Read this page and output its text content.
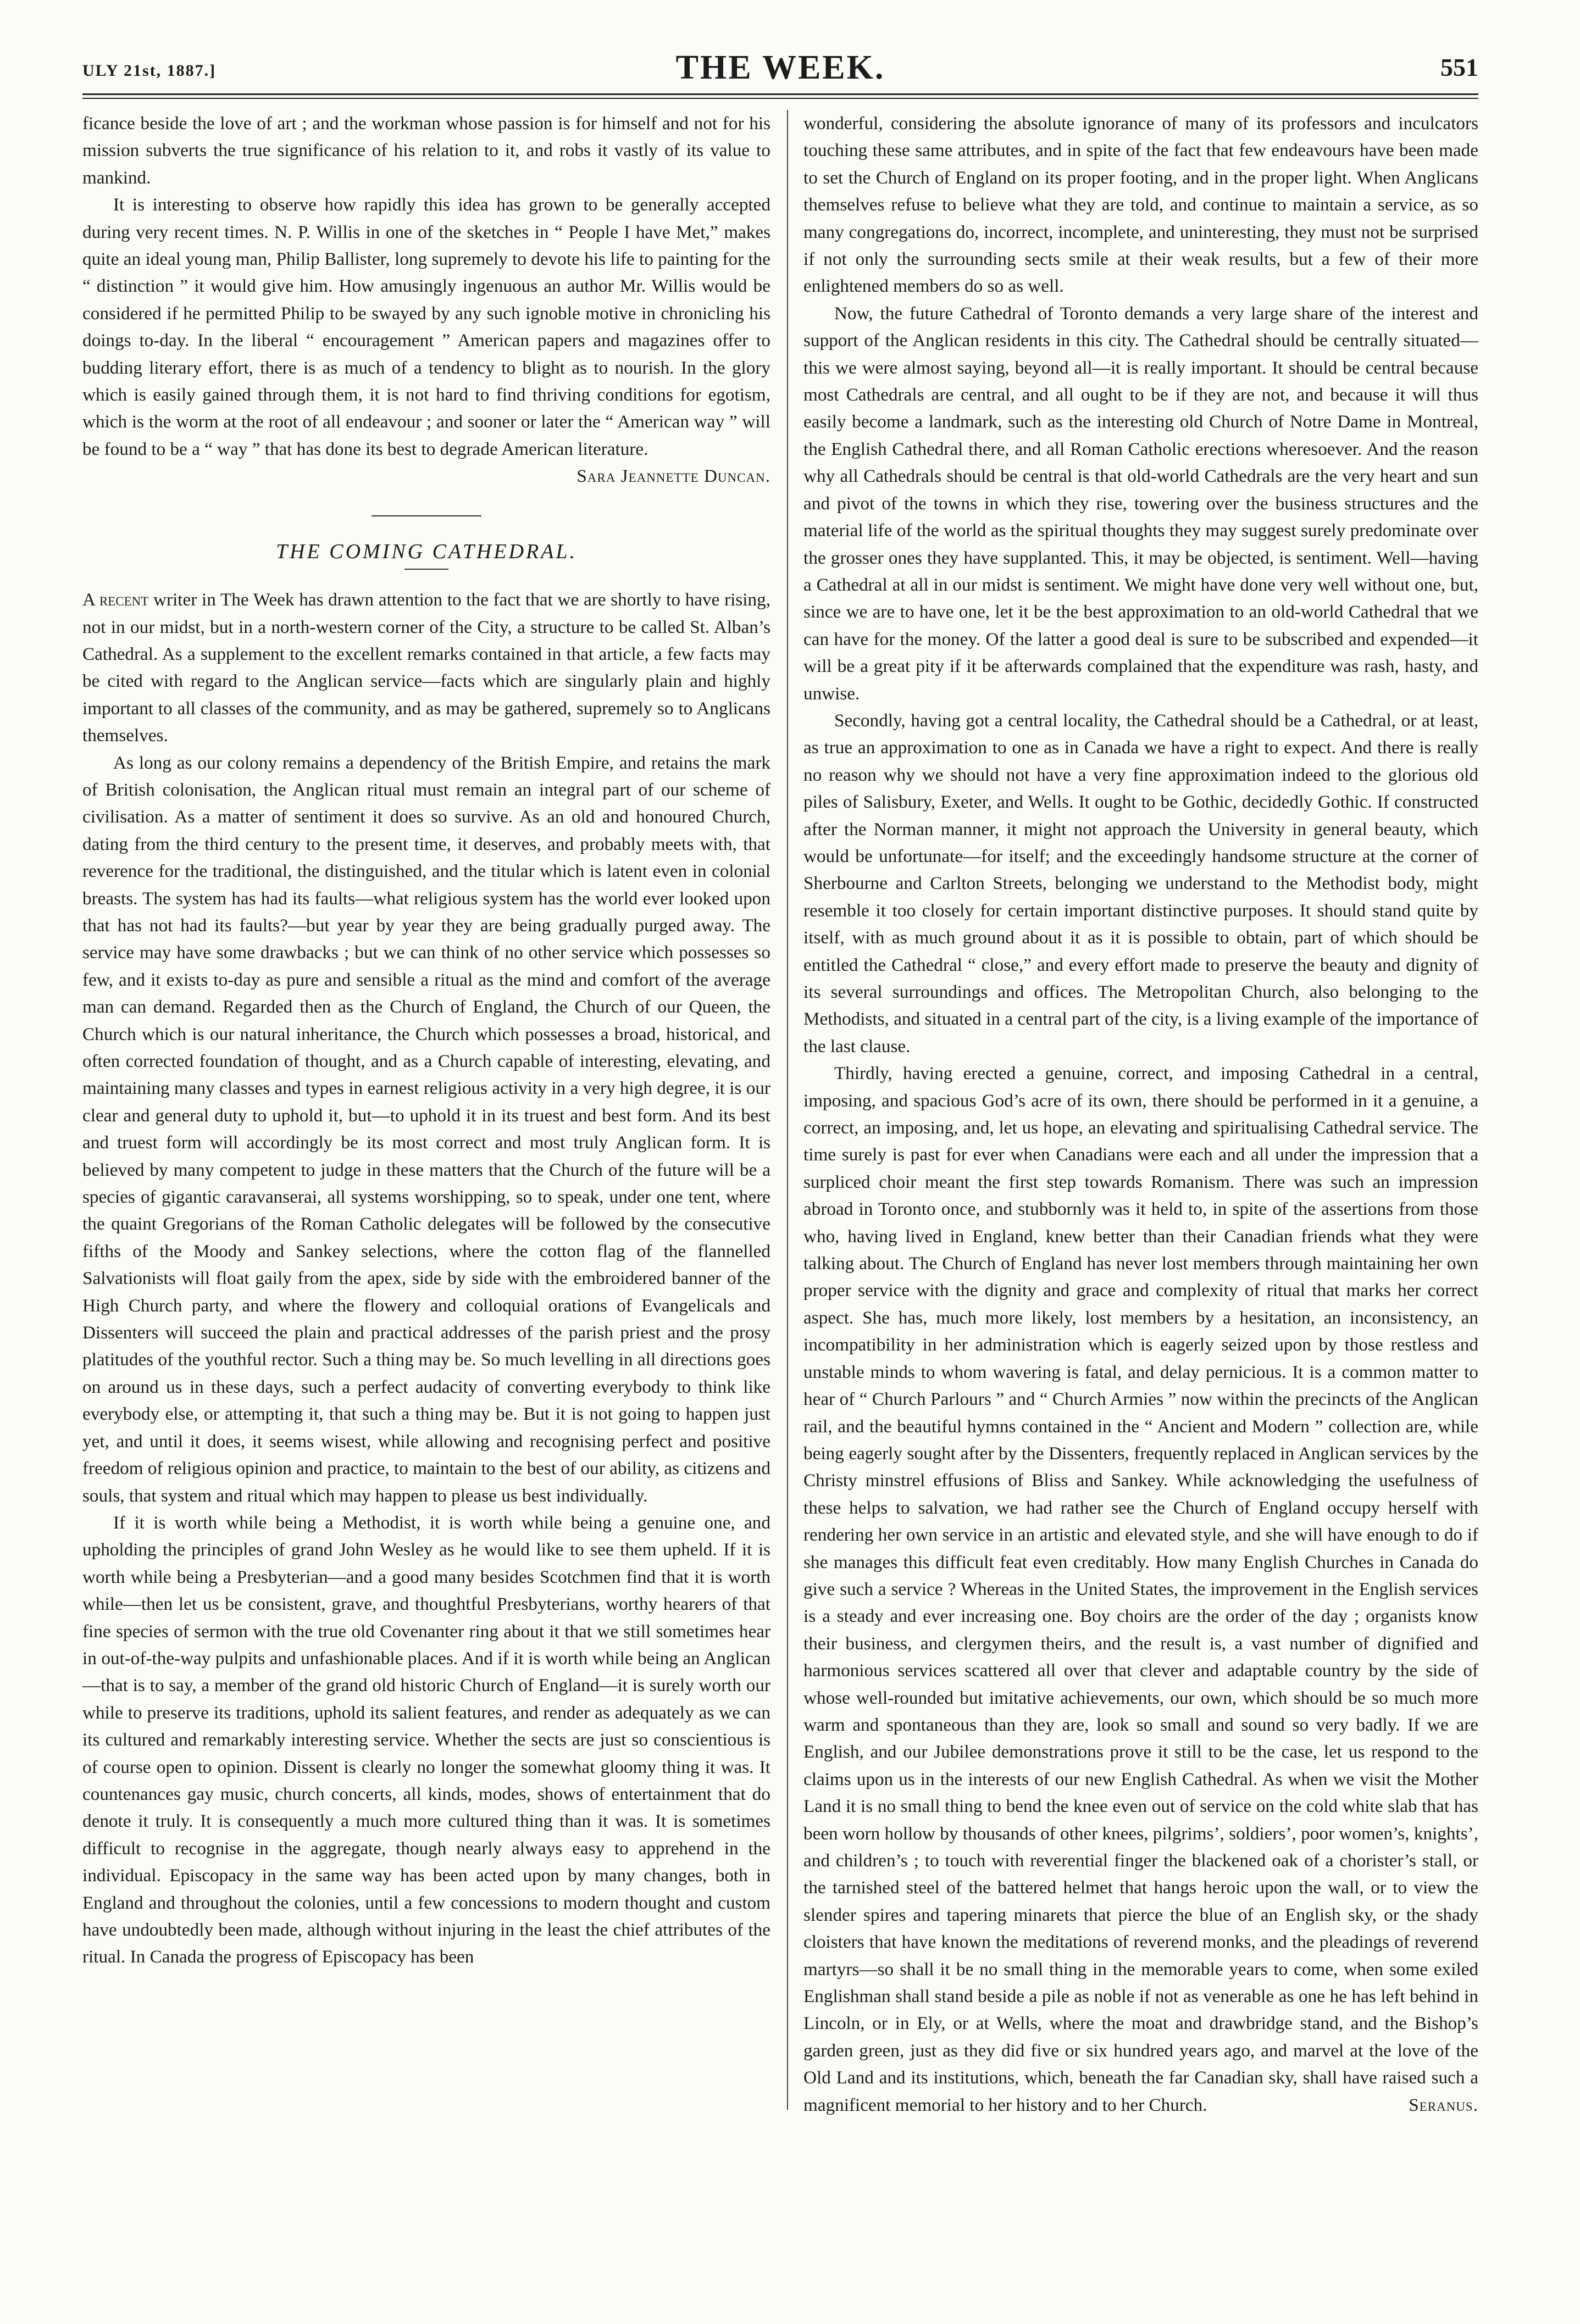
ULY 21st, 1887.]	THE WEEK.	551

ficance beside the love of art ; and the workman whose passion is for himself and not for his mission subverts the true significance of his relation to it, and robs it vastly of its value to mankind.

It is interesting to observe how rapidly this idea has grown to be generally accepted during very recent times. N. P. Willis in one of the sketches in “ People I have Met,” makes quite an ideal young man, Philip Ballister, long supremely to devote his life to painting for the “ distinction ” it would give him. How amusingly ingenuous an author Mr. Willis would be considered if he permitted Philip to be swayed by any such ignoble motive in chronicling his doings to-day. In the liberal “ encouragement ” American papers and magazines offer to budding literary effort, there is as much of a tendency to blight as to nourish. In the glory which is easily gained through them, it is not hard to find thriving conditions for egotism, which is the worm at the root of all endeavour ; and sooner or later the “ American way ” will be found to be a “ way ” that has done its best to degrade American literature.

Sara Jeannette Duncan.

THE COMING CATHEDRAL.

A recent writer in The Week has drawn attention to the fact that we are shortly to have rising, not in our midst, but in a north-western corner of the City, a structure to be called St. Alban’s Cathedral. As a supplement to the excellent remarks contained in that article, a few facts may be cited with regard to the Anglican service—facts which are singularly plain and highly important to all classes of the community, and as may be gathered, supremely so to Anglicans themselves.

As long as our colony remains a dependency of the British Empire, and retains the mark of British colonisation, the Anglican ritual must remain an integral part of our scheme of civilisation. As a matter of sentiment it does so survive. As an old and honoured Church, dating from the third century to the present time, it deserves, and probably meets with, that reverence for the traditional, the distinguished, and the titular which is latent even in colonial breasts. The system has had its faults—what religious system has the world ever looked upon that has not had its faults?—but year by year they are being gradually purged away. The service may have some drawbacks ; but we can think of no other service which possesses so few, and it exists to-day as pure and sensible a ritual as the mind and comfort of the average man can demand. Regarded then as the Church of England, the Church of our Queen, the Church which is our natural inheritance, the Church which possesses a broad, historical, and often corrected foundation of thought, and as a Church capable of interesting, elevating, and maintaining many classes and types in earnest religious activity in a very high degree, it is our clear and general duty to uphold it, but—to uphold it in its truest and best form. And its best and truest form will accordingly be its most correct and most truly Anglican form. It is believed by many competent to judge in these matters that the Church of the future will be a species of gigantic caravanserai, all systems worshipping, so to speak, under one tent, where the quaint Gregorians of the Roman Catholic delegates will be followed by the consecutive fifths of the Moody and Sankey selections, where the cotton flag of the flannelled Salvationists will float gaily from the apex, side by side with the embroidered banner of the High Church party, and where the flowery and colloquial orations of Evangelicals and Dissenters will succeed the plain and practical addresses of the parish priest and the prosy platitudes of the youthful rector. Such a thing may be. So much levelling in all directions goes on around us in these days, such a perfect audacity of converting everybody to think like everybody else, or attempting it, that such a thing may be. But it is not going to happen just yet, and until it does, it seems wisest, while allowing and recognising perfect and positive freedom of religious opinion and practice, to maintain to the best of our ability, as citizens and souls, that system and ritual which may happen to please us best individually.

If it is worth while being a Methodist, it is worth while being a genuine one, and upholding the principles of grand John Wesley as he would like to see them upheld. If it is worth while being a Presbyterian—and a good many besides Scotchmen find that it is worth while—then let us be consistent, grave, and thoughtful Presbyterians, worthy hearers of that fine species of sermon with the true old Covenanter ring about it that we still sometimes hear in out-of-the-way pulpits and unfashionable places. And if it is worth while being an Anglican—that is to say, a member of the grand old historic Church of England—it is surely worth our while to preserve its traditions, uphold its salient features, and render as adequately as we can its cultured and remarkably interesting service. Whether the sects are just so conscientious is of course open to opinion. Dissent is clearly no longer the somewhat gloomy thing it was. It countenances gay music, church concerts, all kinds, modes, shows of entertainment that do denote it truly. It is consequently a much more cultured thing than it was. It is sometimes difficult to recognise in the aggregate, though nearly always easy to apprehend in the individual. Episcopacy in the same way has been acted upon by many changes, both in England and throughout the colonies, until a few concessions to modern thought and custom have undoubtedly been made, although without injuring in the least the chief attributes of the ritual. In Canada the progress of Episcopacy has been

wonderful, considering the absolute ignorance of many of its professors and inculcators touching these same attributes, and in spite of the fact that few endeavours have been made to set the Church of England on its proper footing, and in the proper light. When Anglicans themselves refuse to believe what they are told, and continue to maintain a service, as so many congregations do, incorrect, incomplete, and uninteresting, they must not be surprised if not only the surrounding sects smile at their weak results, but a few of their more enlightened members do so as well.

Now, the future Cathedral of Toronto demands a very large share of the interest and support of the Anglican residents in this city. The Cathedral should be centrally situated—this we were almost saying, beyond all—it is really important. It should be central because most Cathedrals are central, and all ought to be if they are not, and because it will thus easily become a landmark, such as the interesting old Church of Notre Dame in Montreal, the English Cathedral there, and all Roman Catholic erections wheresoever. And the reason why all Cathedrals should be central is that old-world Cathedrals are the very heart and sun and pivot of the towns in which they rise, towering over the business structures and the material life of the world as the spiritual thoughts they may suggest surely predominate over the grosser ones they have supplanted. This, it may be objected, is sentiment. Well—having a Cathedral at all in our midst is sentiment. We might have done very well without one, but, since we are to have one, let it be the best approximation to an old-world Cathedral that we can have for the money. Of the latter a good deal is sure to be subscribed and expended—it will be a great pity if it be afterwards complained that the expenditure was rash, hasty, and unwise.

Secondly, having got a central locality, the Cathedral should be a Cathedral, or at least, as true an approximation to one as in Canada we have a right to expect. And there is really no reason why we should not have a very fine approximation indeed to the glorious old piles of Salisbury, Exeter, and Wells. It ought to be Gothic, decidedly Gothic. If constructed after the Norman manner, it might not approach the University in general beauty, which would be unfortunate—for itself; and the exceedingly handsome structure at the corner of Sherbourne and Carlton Streets, belonging we understand to the Methodist body, might resemble it too closely for certain important distinctive purposes. It should stand quite by itself, with as much ground about it as it is possible to obtain, part of which should be entitled the Cathedral “ close,” and every effort made to preserve the beauty and dignity of its several surroundings and offices. The Metropolitan Church, also belonging to the Methodists, and situated in a central part of the city, is a living example of the importance of the last clause.

Thirdly, having erected a genuine, correct, and imposing Cathedral in a central, imposing, and spacious God’s acre of its own, there should be performed in it a genuine, a correct, an imposing, and, let us hope, an elevating and spiritualising Cathedral service. The time surely is past for ever when Canadians were each and all under the impression that a surpliced choir meant the first step towards Romanism. There was such an impression abroad in Toronto once, and stubbornly was it held to, in spite of the assertions from those who, having lived in England, knew better than their Canadian friends what they were talking about. The Church of England has never lost members through maintaining her own proper service with the dignity and grace and complexity of ritual that marks her correct aspect. She has, much more likely, lost members by a hesitation, an inconsistency, an incompatibility in her administration which is eagerly seized upon by those restless and unstable minds to whom wavering is fatal, and delay pernicious. It is a common matter to hear of “ Church Parlours ” and “ Church Armies ” now within the precincts of the Anglican rail, and the beautiful hymns contained in the “ Ancient and Modern ” collection are, while being eagerly sought after by the Dissenters, frequently replaced in Anglican services by the Christy minstrel effusions of Bliss and Sankey. While acknowledging the usefulness of these helps to salvation, we had rather see the Church of England occupy herself with rendering her own service in an artistic and elevated style, and she will have enough to do if she manages this difficult feat even creditably. How many English Churches in Canada do give such a service ? Whereas in the United States, the improvement in the English services is a steady and ever increasing one. Boy choirs are the order of the day ; organists know their business, and clergymen theirs, and the result is, a vast number of dignified and harmonious services scattered all over that clever and adaptable country by the side of whose well-rounded but imitative achievements, our own, which should be so much more warm and spontaneous than they are, look so small and sound so very badly. If we are English, and our Jubilee demonstrations prove it still to be the case, let us respond to the claims upon us in the interests of our new English Cathedral. As when we visit the Mother Land it is no small thing to bend the knee even out of service on the cold white slab that has been worn hollow by thousands of other knees, pilgrims’, soldiers’, poor women’s, knights’, and children’s ; to touch with reverential finger the blackened oak of a chorister’s stall, or the tarnished steel of the battered helmet that hangs heroic upon the wall, or to view the slender spires and tapering minarets that pierce the blue of an English sky, or the shady cloisters that have known the meditations of reverend monks, and the pleadings of reverend martyrs—so shall it be no small thing in the memorable years to come, when some exiled Englishman shall stand beside a pile as noble if not as venerable as one he has left behind in Lincoln, or in Ely, or at Wells, where the moat and drawbridge stand, and the Bishop’s garden green, just as they did five or six hundred years ago, and marvel at the love of the Old Land and its institutions, which, beneath the far Canadian sky, shall have raised such a magnificent memorial to her history and to her Church.	Seranus.
